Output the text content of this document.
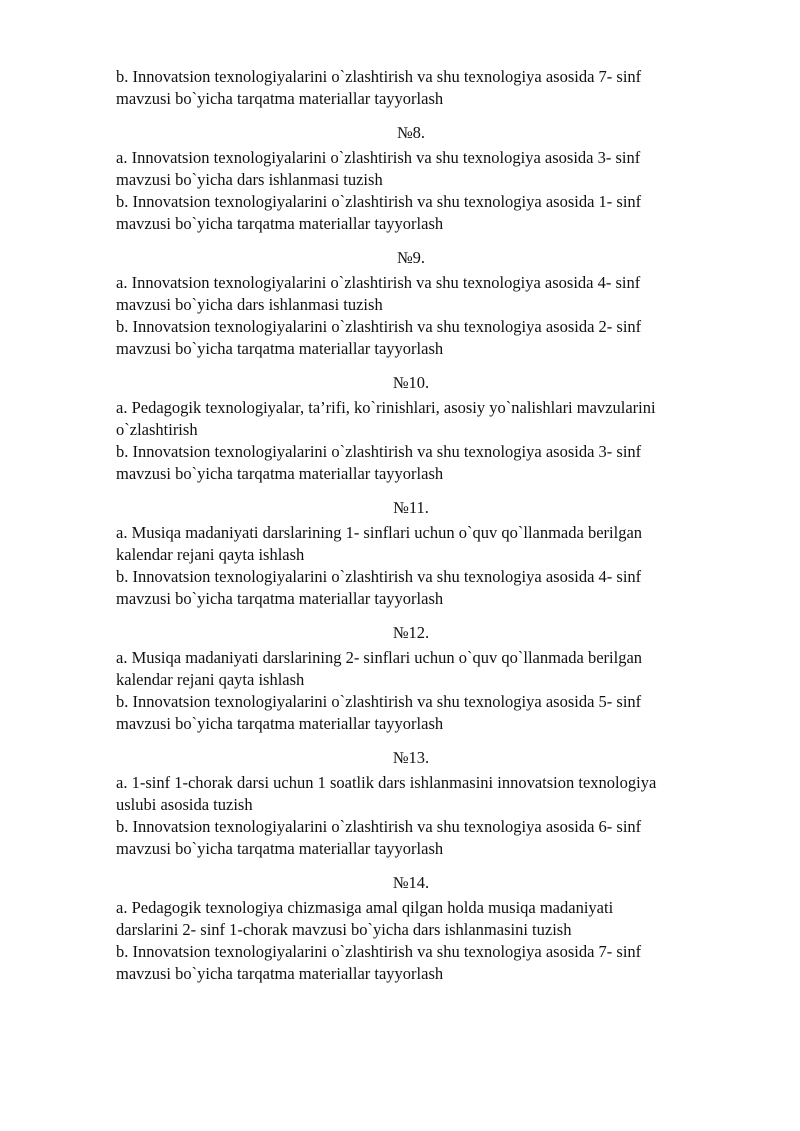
b. Innovatsion texnologiyalarini o`zlashtirish va shu texnologiya asosida 7- sinf
mavzusi bo`yicha tarqatma materiallar tayyorlash
№8.
a. Innovatsion texnologiyalarini o`zlashtirish va shu texnologiya asosida 3- sinf
mavzusi bo`yicha dars ishlanmasi tuzish
b. Innovatsion texnologiyalarini o`zlashtirish va shu texnologiya asosida 1- sinf
mavzusi bo`yicha tarqatma materiallar tayyorlash
№9.
a. Innovatsion texnologiyalarini o`zlashtirish va shu texnologiya asosida 4- sinf
mavzusi bo`yicha dars ishlanmasi tuzish
b. Innovatsion texnologiyalarini o`zlashtirish va shu texnologiya asosida 2- sinf
mavzusi bo`yicha tarqatma materiallar tayyorlash
№10.
a. Pedagogik texnologiyalar, ta’rifi, ko`rinishlari, asosiy yo`nalishlari mavzularini
o`zlashtirish
b. Innovatsion texnologiyalarini o`zlashtirish va shu texnologiya asosida 3- sinf
mavzusi bo`yicha tarqatma materiallar tayyorlash
№11.
a. Musiqa madaniyati darslarining 1- sinflari uchun o`quv qo`llanmada berilgan
kalendar rejani qayta ishlash
b. Innovatsion texnologiyalarini o`zlashtirish va shu texnologiya asosida 4- sinf
mavzusi bo`yicha tarqatma materiallar tayyorlash
№12.
a. Musiqa madaniyati darslarining 2- sinflari uchun o`quv qo`llanmada berilgan
kalendar rejani qayta ishlash
b. Innovatsion texnologiyalarini o`zlashtirish va shu texnologiya asosida 5- sinf
mavzusi bo`yicha tarqatma materiallar tayyorlash
№13.
a. 1-sinf 1-chorak darsi uchun 1 soatlik dars ishlanmasini innovatsion texnologiya
uslubi asosida tuzish
b. Innovatsion texnologiyalarini o`zlashtirish va shu texnologiya asosida 6- sinf
mavzusi bo`yicha tarqatma materiallar tayyorlash
№14.
a. Pedagogik texnologiya chizmasiga amal qilgan holda musiqa madaniyati
darslarini 2- sinf 1-chorak mavzusi bo`yicha dars ishlanmasini tuzish
b. Innovatsion texnologiyalarini o`zlashtirish va shu texnologiya asosida 7- sinf
mavzusi bo`yicha tarqatma materiallar tayyorlash
